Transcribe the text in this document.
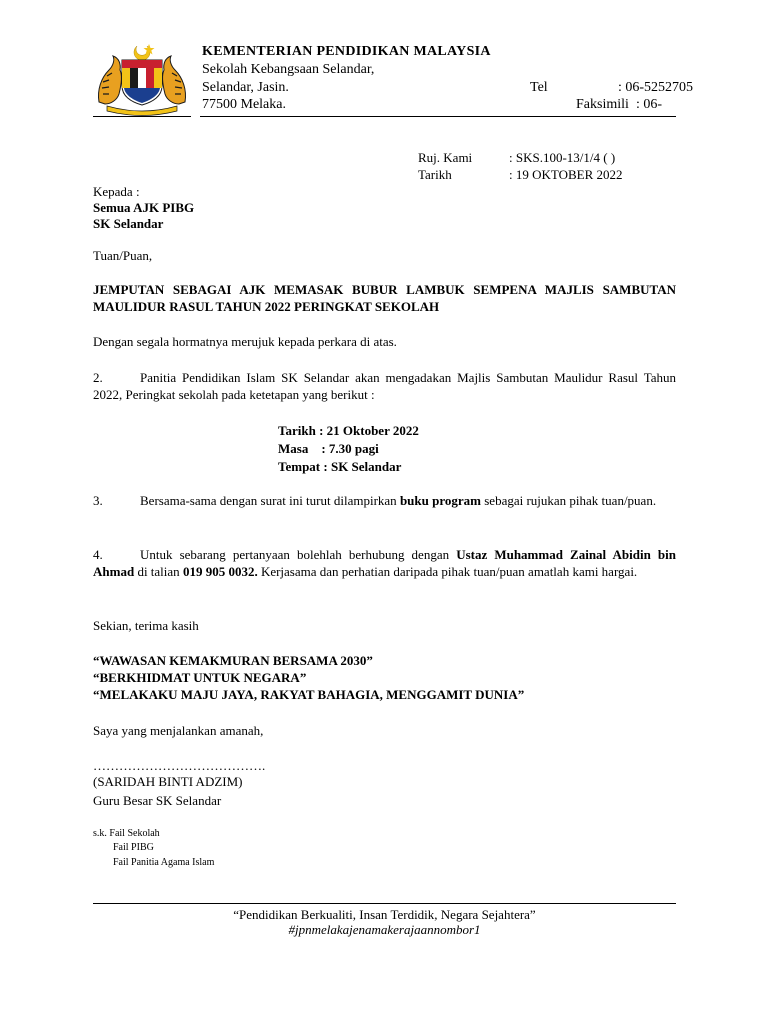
KEMENTERIAN PENDIDIKAN MALAYSIA
Sekolah Kebangsaan Selandar,
Selandar, Jasin.
77500 Melaka.
Tel	: 06-5252705
Faksimili : 06-
Ruj. Kami	: SKS.100-13/1/4 ( )
Tarikh	: 19 OKTOBER 2022
Kepada :
Semua AJK PIBG
SK Selandar
Tuan/Puan,
JEMPUTAN SEBAGAI AJK MEMASAK BUBUR LAMBUK SEMPENA MAJLIS SAMBUTAN MAULIDUR RASUL TAHUN 2022 PERINGKAT SEKOLAH
Dengan segala hormatnya merujuk kepada perkara di atas.
2.	Panitia Pendidikan Islam SK Selandar akan mengadakan Majlis Sambutan Maulidur Rasul Tahun 2022, Peringkat sekolah pada ketetapan yang berikut :
Tarikh : 21 Oktober 2022
Masa    : 7.30 pagi
Tempat : SK Selandar
3.	Bersama-sama dengan surat ini turut dilampirkan buku program sebagai rujukan pihak tuan/puan.
4.	Untuk sebarang pertanyaan bolehlah berhubung dengan Ustaz Muhammad Zainal Abidin bin Ahmad di talian 019 905 0032. Kerjasama dan perhatian daripada pihak tuan/puan amatlah kami hargai.
Sekian, terima kasih
“WAWASAN KEMAKMURAN BERSAMA 2030”
“BERKHIDMAT UNTUK NEGARA”
“MELAKAKU MAJU JAYA, RAKYAT BAHAGIA, MENGGAMIT DUNIA”
Saya yang menjalankan amanah,
………………………………….
(SARIDAH BINTI ADZIM)
Guru Besar SK Selandar
s.k. Fail Sekolah
Fail PIBG
Fail Panitia Agama Islam
“Pendidikan Berkualiti, Insan Terdidik, Negara Sejahtera”
#jpnmelakajenamakerajaannombor1
